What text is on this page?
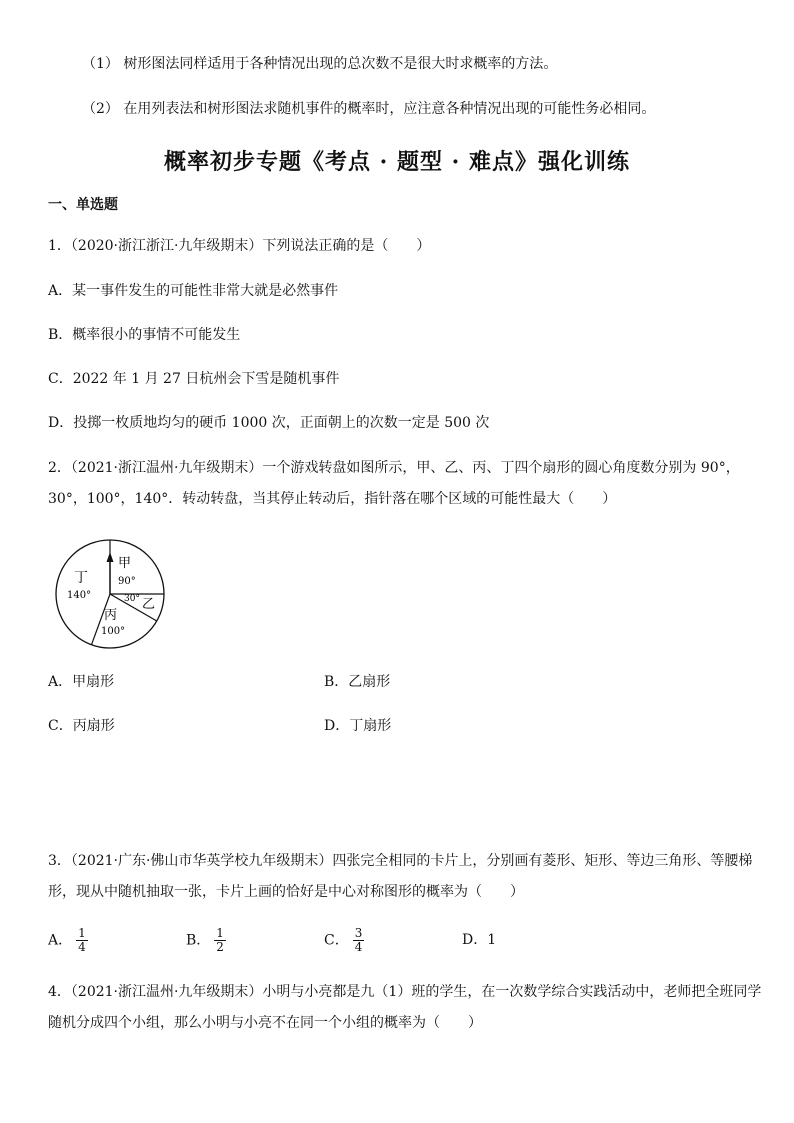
（1） 树形图法同样适用于各种情况出现的总次数不是很大时求概率的方法。
（2） 在用列表法和树形图法求随机事件的概率时，应注意各种情况出现的可能性务必相同。
概率初步专题《考点 · 题型 · 难点》强化训练
一、单选题
1．（2020·浙江浙江·九年级期末）下列说法正确的是（　　）
A．某一事件发生的可能性非常大就是必然事件
B．概率很小的事情不可能发生
C．2022 年 1 月 27 日杭州会下雪是随机事件
D．投掷一枚质地均匀的硬币 1000 次，正面朝上的次数一定是 500 次
2．（2021·浙江温州·九年级期末）一个游戏转盘如图所示，甲、乙、丙、丁四个扇形的圆心角度数分别为 90°，
30°，100°，140°．转动转盘，当其停止转动后，指针落在哪个区域的可能性最大（　　）
甲
90°
乙
30°
丙
100°
丁
140°
A．甲扇形	B．乙扇形
C．丙扇形	D．丁扇形
3．（2021·广东·佛山市华英学校九年级期末）四张完全相同的卡片上，分别画有菱形、矩形、等边三角形、等腰梯
形，现从中随机抽取一张，卡片上画的恰好是中心对称图形的概率为（　　）
A． $\frac{1}{4}$	B． $\frac{1}{2}$	C． $\frac{3}{4}$	D．1
4．（2021·浙江温州·九年级期末）小明与小亮都是九（1）班的学生，在一次数学综合实践活动中，老师把全班同学
随机分成四个小组，那么小明与小亮不在同一个小组的概率为（　　）
